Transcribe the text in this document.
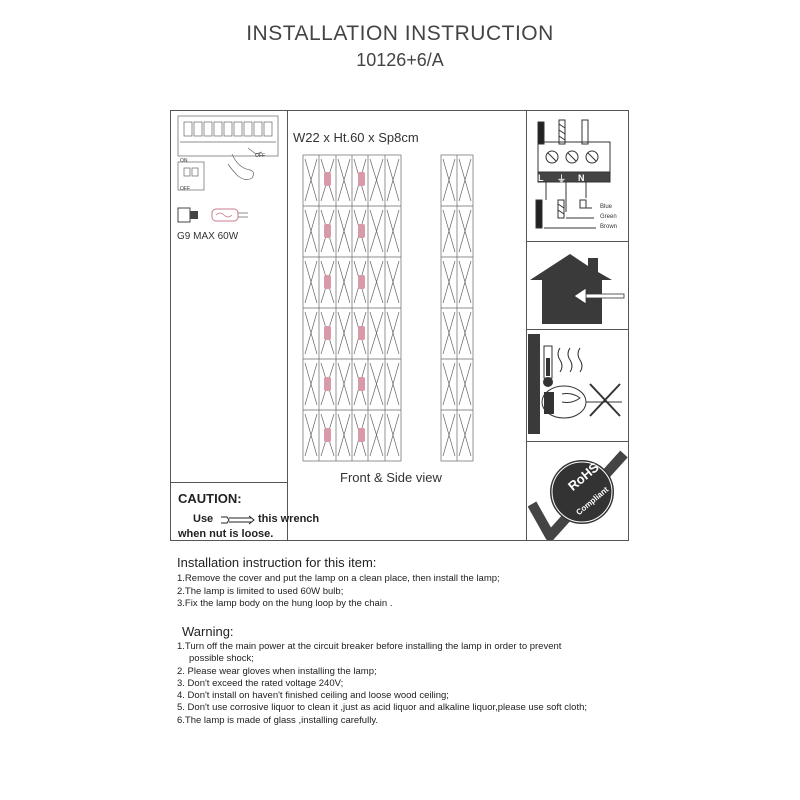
INSTALLATION INSTRUCTION
10126+6/A
ON
OFF
OFF
G9 MAX 60W
CAUTION:
Use	this wrench
when nut is loose.
W22 x Ht.60 x Sp8cm
Front & Side view
L ⏚ N
Blue
Green
Brown
RoHS
Compliant
Installation instruction for this item:
1.Remove the cover and put the lamp on a clean place, then install the lamp;
2.The lamp is limited to used 60W bulb;
3.Fix the lamp body on the hung loop by the chain .
Warning:
1.Turn off the main power at the circuit breaker before installing the lamp in order to prevent
possible shock;
2. Please wear gloves when installing the lamp;
3. Don't exceed the rated voltage 240V;
4. Don't install on haven't finished ceiling and loose wood ceiling;
5. Don't use corrosive liquor to clean it ,just as acid liquor and alkaline liquor,please use soft cloth;
6.The lamp is made of glass ,installing carefully.
